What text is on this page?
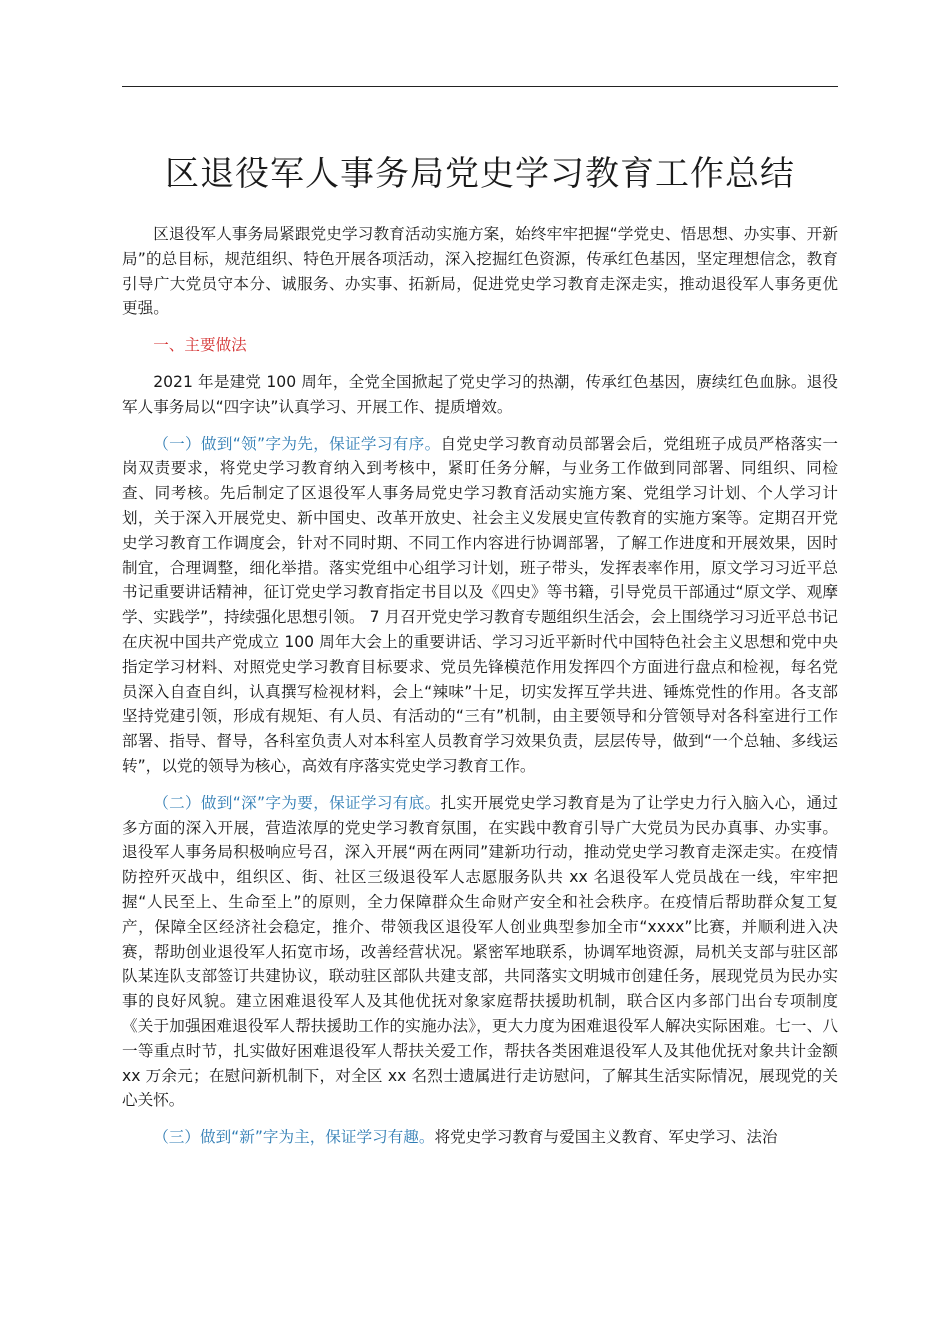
区退役军人事务局党史学习教育工作总结

区退役军人事务局紧跟党史学习教育活动实施方案，始终牢牢把握“学党史、悟思想、办实事、开新局”的总目标，规范组织、特色开展各项活动，深入挖掘红色资源，传承红色基因，坚定理想信念，教育引导广大党员守本分、诚服务、办实事、拓新局，促进党史学习教育走深走实，推动退役军人事务更优更强。

一、主要做法

2021 年是建党 100 周年，全党全国掀起了党史学习的热潮，传承红色基因，赓续红色血脉。退役军人事务局以“四字诀”认真学习、开展工作、提质增效。

（一）做到“领”字为先，保证学习有序。自党史学习教育动员部署会后，党组班子成员严格落实一岗双责要求，将党史学习教育纳入到考核中，紧盯任务分解，与业务工作做到同部署、同组织、同检查、同考核。先后制定了区退役军人事务局党史学习教育活动实施方案、党组学习计划、个人学习计划，关于深入开展党史、新中国史、改革开放史、社会主义发展史宣传教育的实施方案等。定期召开党史学习教育工作调度会，针对不同时期、不同工作内容进行协调部署，了解工作进度和开展效果，因时制宜，合理调整，细化举措。落实党组中心组学习计划，班子带头，发挥表率作用，原文学习习近平总书记重要讲话精神，征订党史学习教育指定书目以及《四史》等书籍，引导党员干部通过“原文学、观摩学、实践学”，持续强化思想引领。 7 月召开党史学习教育专题组织生活会，会上围绕学习习近平总书记在庆祝中国共产党成立 100 周年大会上的重要讲话、学习习近平新时代中国特色社会主义思想和党中央指定学习材料、对照党史学习教育目标要求、党员先锋模范作用发挥四个方面进行盘点和检视，每名党员深入自查自纠，认真撰写检视材料，会上“辣味”十足，切实发挥互学共进、锤炼党性的作用。各支部坚持党建引领，形成有规矩、有人员、有活动的“三有”机制，由主要领导和分管领导对各科室进行工作部署、指导、督导，各科室负责人对本科室人员教育学习效果负责，层层传导，做到“一个总轴、多线运转”，以党的领导为核心，高效有序落实党史学习教育工作。

（二）做到“深”字为要，保证学习有底。扎实开展党史学习教育是为了让学史力行入脑入心，通过多方面的深入开展，营造浓厚的党史学习教育氛围，在实践中教育引导广大党员为民办真事、办实事。退役军人事务局积极响应号召，深入开展“两在两同”建新功行动，推动党史学习教育走深走实。在疫情防控歼灭战中，组织区、街、社区三级退役军人志愿服务队共 xx 名退役军人党员战在一线，牢牢把握“人民至上、生命至上”的原则，全力保障群众生命财产安全和社会秩序。在疫情后帮助群众复工复产，保障全区经济社会稳定，推介、带领我区退役军人创业典型参加全市“xxxx”比赛，并顺利进入决赛，帮助创业退役军人拓宽市场，改善经营状况。紧密军地联系，协调军地资源，局机关支部与驻区部队某连队支部签订共建协议，联动驻区部队共建支部，共同落实文明城市创建任务，展现党员为民办实事的良好风貌。建立困难退役军人及其他优抚对象家庭帮扶援助机制，联合区内多部门出台专项制度《关于加强困难退役军人帮扶援助工作的实施办法》，更大力度为困难退役军人解决实际困难。七一、八一等重点时节，扎实做好困难退役军人帮扶关爱工作，帮扶各类困难退役军人及其他优抚对象共计金额 xx 万余元；在慰问新机制下，对全区 xx 名烈士遗属进行走访慰问，了解其生活实际情况，展现党的关心关怀。

（三）做到“新”字为主，保证学习有趣。将党史学习教育与爱国主义教育、军史学习、法治
